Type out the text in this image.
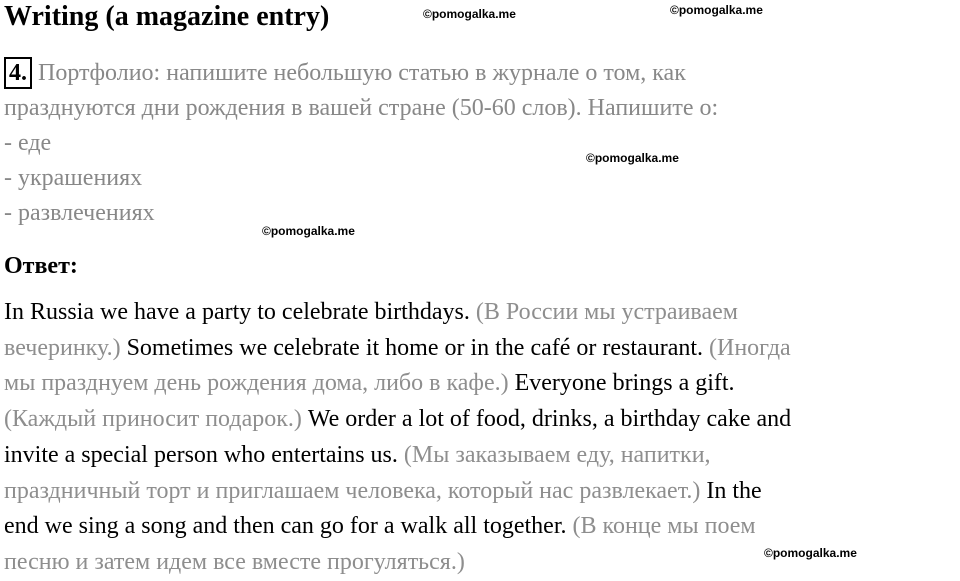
Writing (a magazine entry)	©pomogalka.me	©pomogalka.me
©pomogalka.me
©pomogalka.me
©pomogalka.me
4. Портфолио: напишите небольшую статью в журнале о том, как
празднуются дни рождения в вашей стране (50-60 слов). Напишите о:
- еде
- украшениях
- развлечениях
Ответ:
In Russia we have a party to celebrate birthdays. (В России мы устраиваем
вечеринку.) Sometimes we celebrate it home or in the café or restaurant. (Иногда
мы празднуем день рождения дома, либо в кафе.) Everyone brings a gift.
(Каждый приносит подарок.) We order a lot of food, drinks, a birthday cake and
invite a special person who entertains us. (Мы заказываем еду, напитки,
праздничный торт и приглашаем человека, который нас развлекает.) In the
end we sing a song and then can go for a walk all together. (В конце мы поем
песню и затем идем все вместе прогуляться.)
